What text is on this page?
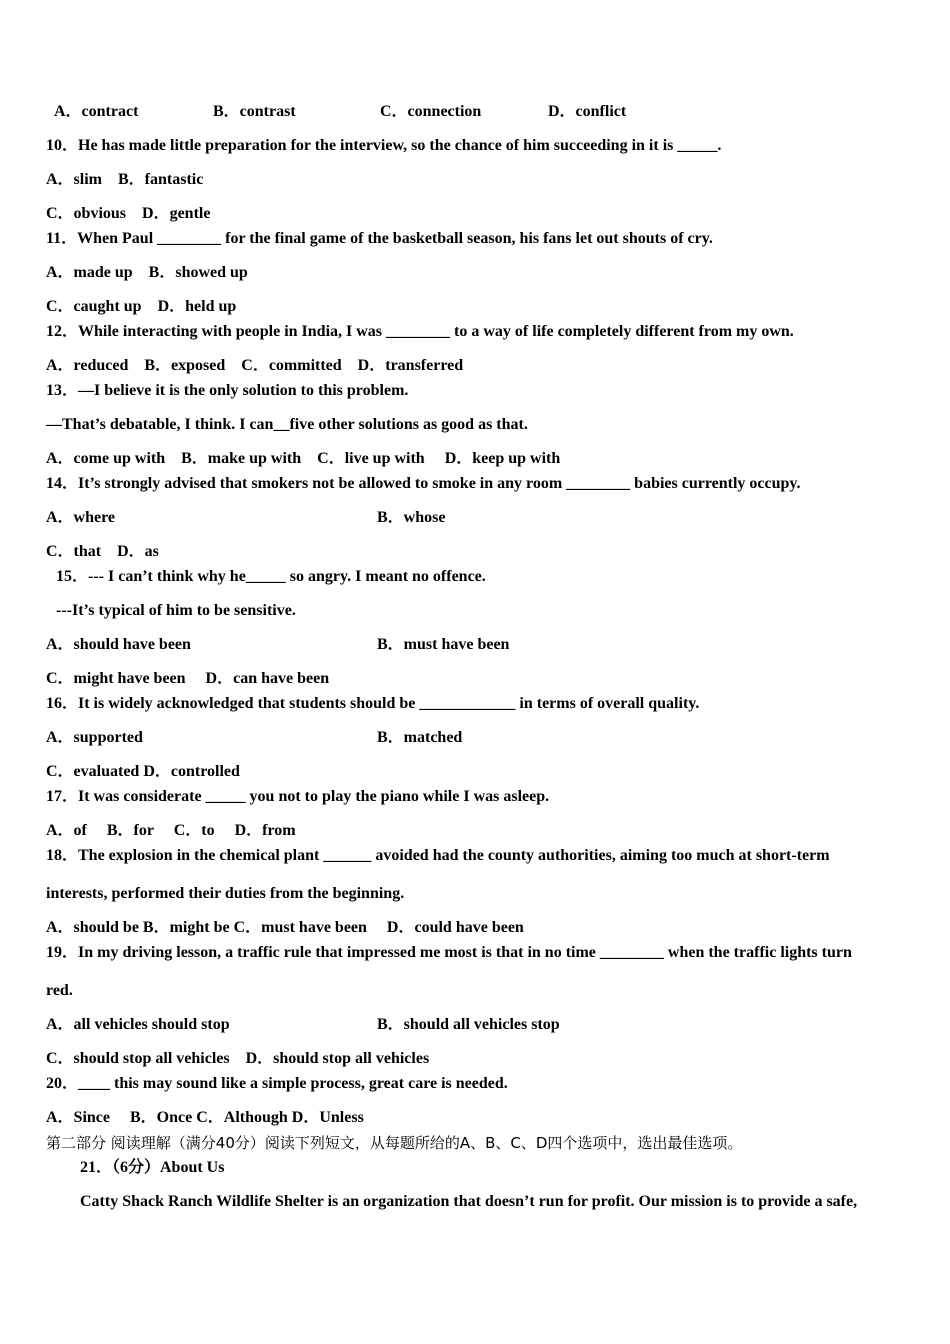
A．contract	B．contrast	C．connection	D．conflict
10．He has made little preparation for the interview, so the chance of him succeeding in it is _____.
A．slim　B．fantastic
C．obvious　D．gentle
11．When Paul ________ for the final game of the basketball season, his fans let out shouts of cry.
A．made up　B．showed up
C．caught up　D．held up
12．While interacting with people in India, I was ________ to a way of life completely different from my own.
A．reduced　B．exposed　C．committed　D．transferred
13．—I believe it is the only solution to this problem.
—That’s debatable, I think. I can__five other solutions as good as that.
A．come up with　B．make up with　C．live up with　 D．keep up with
14．It’s strongly advised that smokers not be allowed to smoke in any room ________ babies currently occupy.
A．where	B．whose
C．that　D．as
15．--- I can’t think why he_____ so angry. I meant no offence.
---It’s typical of him to be sensitive.
A．should have been	B．must have been
C．might have been　 D．can have been
16．It is widely acknowledged that students should be ____________ in terms of overall quality.
A．supported	B．matched
C．evaluated D．controlled
17．It was considerate _____ you not to play the piano while I was asleep.
A．of　 B．for　 C．to　 D．from
18．The explosion in the chemical plant ______ avoided had the county authorities, aiming too much at short-term
interests, performed their duties from the beginning.
A．should be B．might be C．must have been　 D．could have been
19．In my driving lesson, a traffic rule that impressed me most is that in no time ________ when the traffic lights turn
red.
A．all vehicles should stop	B．should all vehicles stop
C．should stop all vehicles　D．should stop all vehicles
20．____ this may sound like a simple process, great care is needed.
A．Since　 B．Once C．Although D．Unless
第二部分 阅读理解（满分40分）阅读下列短文，从每题所给的A、B、C、D四个选项中，选出最佳选项。
21．（6分）About Us
Catty Shack Ranch Wildlife Shelter is an organization that doesn’t run for profit. Our mission is to provide a safe,
